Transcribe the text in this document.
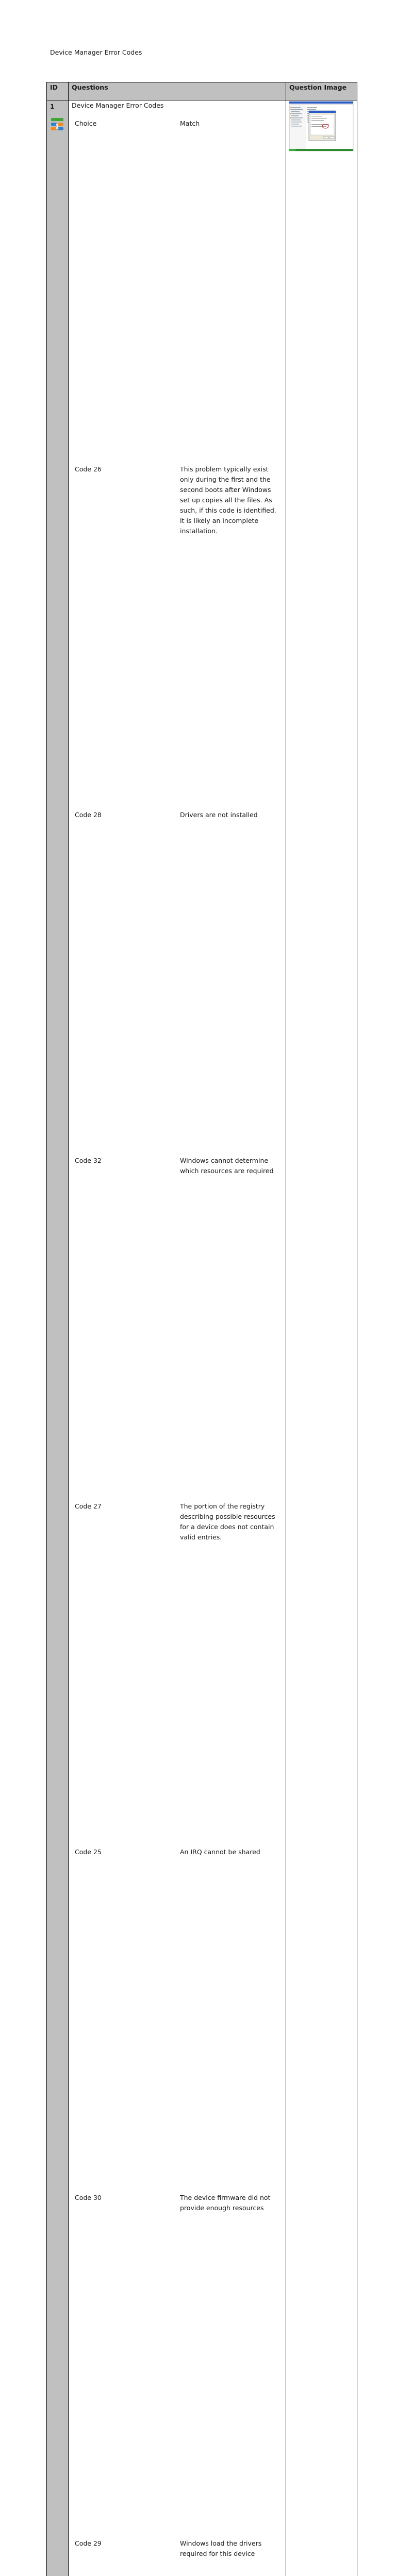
Device Manager Error Codes
ID	Questions	Question Image

1	Device Manager Error Codes
Choice	Match
Code 26	This problem typically exist only during the first and the second boots after Windows set up copies all the files. As such, if this code is identified. It is likely an incomplete installation.
Code 28	Drivers are not installed
Code 32	Windows cannot determine which resources are required
Code 27	The portion of the registry describing possible resources for a device does not contain valid entries.
Code 25	An IRQ cannot be shared
Code 30	The device firmware did not provide enough resources
Code 29	Windows load the drivers required for this device
